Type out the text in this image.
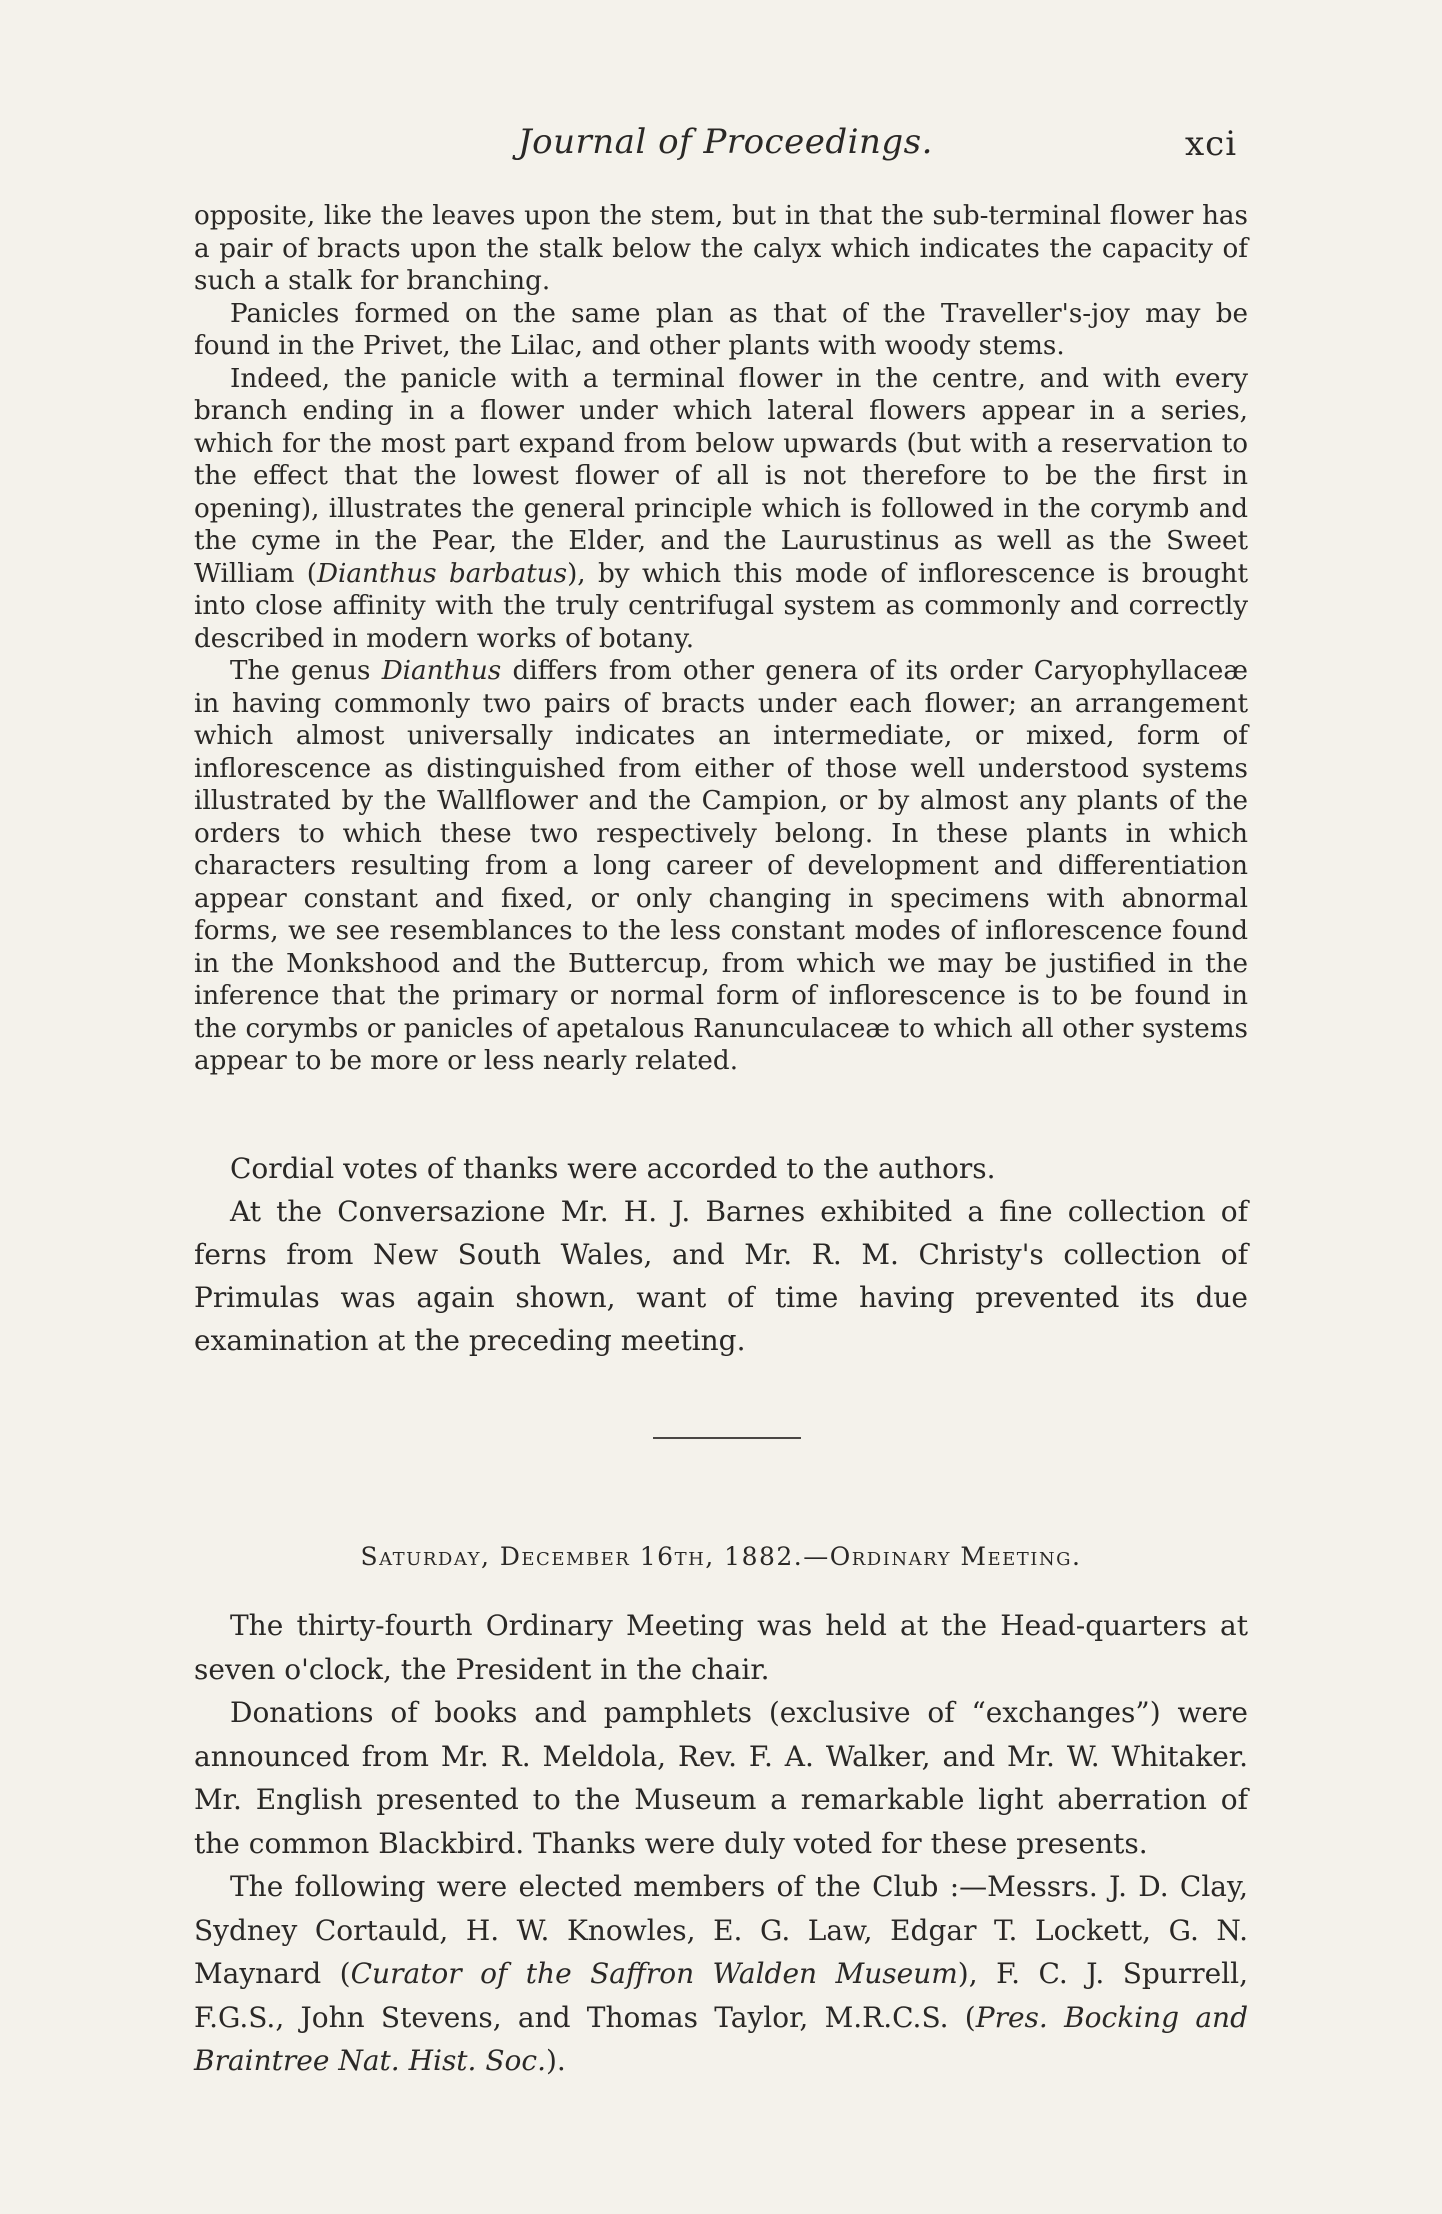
Journal of Proceedings.	xci

opposite, like the leaves upon the stem, but in that the sub-terminal flower has a pair of bracts upon the stalk below the calyx which indicates the capacity of such a stalk for branching.

Panicles formed on the same plan as that of the Traveller's-joy may be found in the Privet, the Lilac, and other plants with woody stems.

Indeed, the panicle with a terminal flower in the centre, and with every branch ending in a flower under which lateral flowers appear in a series, which for the most part expand from below upwards (but with a reservation to the effect that the lowest flower of all is not therefore to be the first in opening), illustrates the general principle which is followed in the corymb and the cyme in the Pear, the Elder, and the Laurustinus as well as the Sweet William (Dianthus barbatus), by which this mode of inflorescence is brought into close affinity with the truly centrifugal system as commonly and correctly described in modern works of botany.

The genus Dianthus differs from other genera of its order Caryophyllaceæ in having commonly two pairs of bracts under each flower; an arrangement which almost universally indicates an intermediate, or mixed, form of inflorescence as distinguished from either of those well understood systems illustrated by the Wallflower and the Campion, or by almost any plants of the orders to which these two respectively belong. In these plants in which characters resulting from a long career of development and differentiation appear constant and fixed, or only changing in specimens with abnormal forms, we see resemblances to the less constant modes of inflorescence found in the Monkshood and the Buttercup, from which we may be justified in the inference that the primary or normal form of inflorescence is to be found in the corymbs or panicles of apetalous Ranunculaceæ to which all other systems appear to be more or less nearly related.

Cordial votes of thanks were accorded to the authors.

At the Conversazione Mr. H. J. Barnes exhibited a fine collection of ferns from New South Wales, and Mr. R. M. Christy's collection of Primulas was again shown, want of time having prevented its due examination at the preceding meeting.

Saturday, December 16th, 1882.—Ordinary Meeting.

The thirty-fourth Ordinary Meeting was held at the Head-quarters at seven o'clock, the President in the chair.

Donations of books and pamphlets (exclusive of “exchanges”) were announced from Mr. R. Meldola, Rev. F. A. Walker, and Mr. W. Whitaker. Mr. English presented to the Museum a remarkable light aberration of the common Blackbird. Thanks were duly voted for these presents.

The following were elected members of the Club :—Messrs. J. D. Clay, Sydney Cortauld, H. W. Knowles, E. G. Law, Edgar T. Lockett, G. N. Maynard (Curator of the Saffron Walden Museum), F. C. J. Spurrell, F.G.S., John Stevens, and Thomas Taylor, M.R.C.S. (Pres. Bocking and Braintree Nat. Hist. Soc.).
